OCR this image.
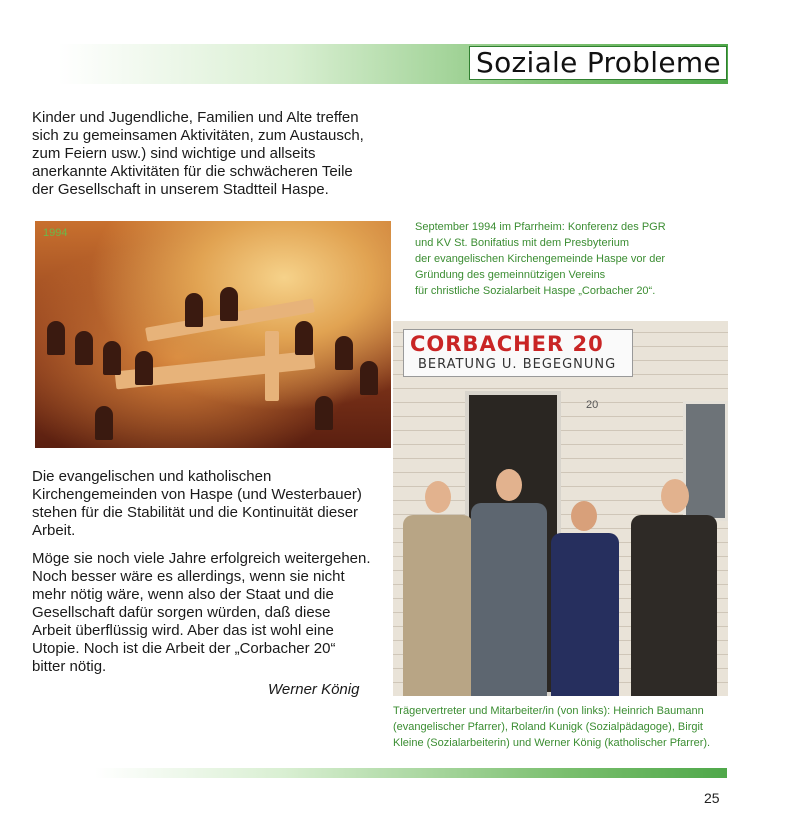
Soziale Probleme
Kinder und Jugendliche, Familien und Alte treffen
sich zu gemeinsamen Aktivitäten, zum Austausch,
zum Feiern usw.) sind wichtige und allseits
anerkannte Aktivitäten für die schwächeren Teile
der Gesellschaft in unserem Stadtteil Haspe.
1994	September 1994 im Pfarrheim: Konferenz des PGR
und KV St. Bonifatius mit dem Presbyterium
der evangelischen Kirchengemeinde Haspe vor der
Gründung des gemeinnützigen Vereins
für christliche Sozialarbeit Haspe „Corbacher 20“.
CORBACHER 20
BERATUNG U. BEGEGNUNG
20

Die evangelischen und katholischen
Kirchengemeinden von Haspe (und Westerbauer)
stehen für die Stabilität und die Kontinuität dieser
Arbeit.

Möge sie noch viele Jahre erfolgreich weitergehen.
Noch besser wäre es allerdings, wenn sie nicht
mehr nötig wäre, wenn also der Staat und die
Gesellschaft dafür sorgen würden, daß diese
Arbeit überflüssig wird. Aber das ist wohl eine
Utopie. Noch ist die Arbeit der „Corbacher 20“
bitter nötig.

Werner König
Trägervertreter und Mitarbeiter/in (von links): Heinrich Baumann
(evangelischer Pfarrer), Roland Kunigk (Sozialpädagoge), Birgit
Kleine (Sozialarbeiterin) und Werner König (katholischer Pfarrer).
25
